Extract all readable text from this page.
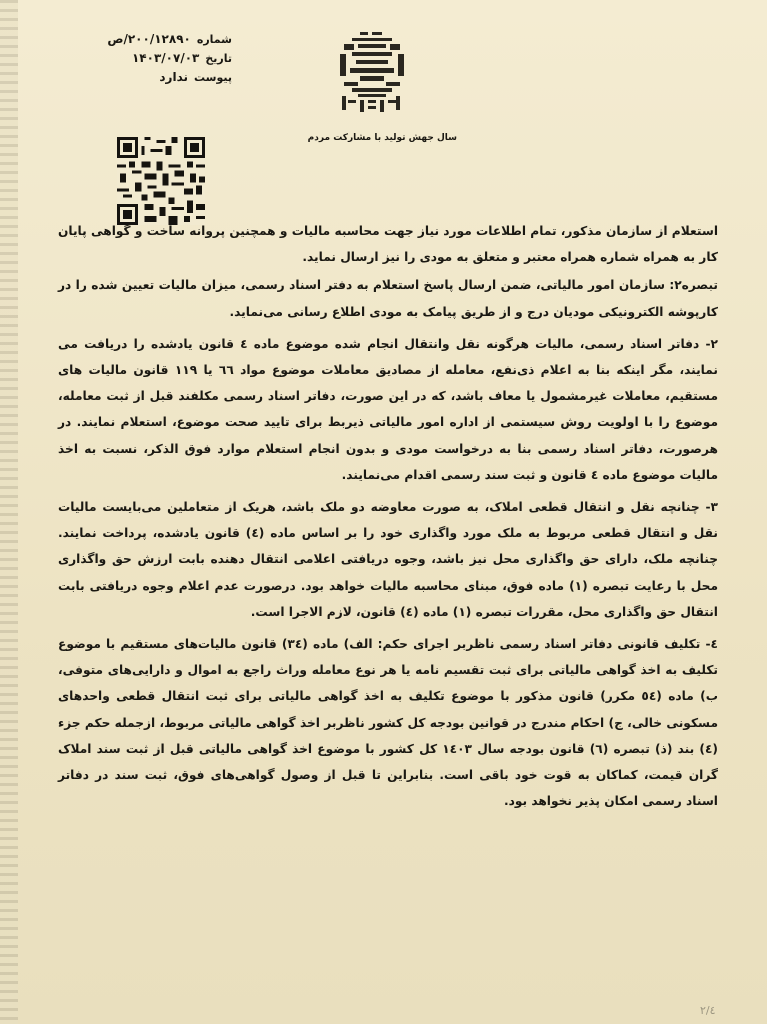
شماره
۲۰۰/۱۲۸۹۰/ص
تاریخ
۱۴۰۳/۰۷/۰۳
پیوست
ندارد
سال جهش تولید با مشارکت مردم

استعلام از سازمان مذکور، تمام اطلاعات مورد نیاز جهت محاسبه مالیات و همچنین پروانه ساخت و گواهی پایان کار به همراه شماره همراه معتبر و متعلق به مودی را نیز ارسال نماید.

تبصره۲: سازمان امور مالیاتی، ضمن ارسال پاسخ استعلام به دفتر اسناد رسمی، میزان مالیات تعیین شده را در کارپوشه الکترونیکی مودیان درج و از طریق پیامک به مودی اطلاع رسانی می‌نماید.

۲- دفاتر اسناد رسمی، مالیات هرگونه نقل وانتقال انجام شده موضوع ماده ٤ قانون یادشده را دریافت می نمایند، مگر اینکه بنا به اعلام ذی‌نفع، معامله از مصادیق معاملات موضوع مواد ٦٦ یا ۱۱۹ قانون مالیات های مستقیم، معاملات غیرمشمول یا معاف باشد، که در این صورت، دفاتر اسناد رسمی مکلفند قبل از ثبت معامله، موضوع را با اولویت روش سیستمی از اداره امور مالیاتی ذیربط برای تایید صحت موضوع، استعلام نمایند. در هرصورت، دفاتر اسناد رسمی بنا به درخواست مودی و بدون انجام استعلام موارد فوق الذکر، نسبت به اخذ مالیات موضوع ماده ٤ قانون و ثبت سند رسمی اقدام می‌نمایند.

۳- چنانچه نقل و انتقال قطعی املاک، به صورت معاوضه دو ملک باشد، هریک از متعاملین می‌بایست مالیات نقل و انتقال قطعی مربوط به ملک مورد واگذاری خود را بر اساس ماده (٤) قانون یادشده، پرداخت نمایند. چنانچه ملک، دارای حق واگذاری محل نیز باشد، وجوه دریافتی اعلامی انتقال دهنده بابت ارزش حق واگذاری محل با رعایت تبصره (۱) ماده فوق، مبنای محاسبه مالیات خواهد بود. درصورت عدم اعلام وجوه دریافتی بابت انتقال حق واگذاری محل، مقررات تبصره (۱) ماده (٤) قانون، لازم الاجرا است.

٤- تکلیف قانونی دفاتر اسناد رسمی ناظربر اجرای حکم: الف) ماده (۳٤) قانون مالیات‌های مستقیم با موضوع تکلیف به اخذ گواهی مالیاتی برای ثبت تقسیم نامه یا هر نوع معامله وراث راجع به اموال و دارایی‌های متوفی، ب) ماده (٥٤ مکرر) قانون مذکور با موضوع تکلیف به اخذ گواهی مالیاتی برای ثبت انتقال قطعی واحدهای مسکونی خالی، ج) احکام مندرج در قوانین بودجه کل کشور ناظربر اخذ گواهی مالیاتی مربوط، ازجمله حکم جزء (٤) بند (ذ) تبصره (٦) قانون بودجه سال ۱٤۰۳ کل کشور با موضوع اخذ گواهی مالیاتی قبل از ثبت سند املاک گران قیمت، کماکان به قوت خود باقی است. بنابراین تا قبل از وصول گواهی‌های فوق، ثبت سند در دفاتر اسناد رسمی امکان پذیر نخواهد بود.

۲/٤
